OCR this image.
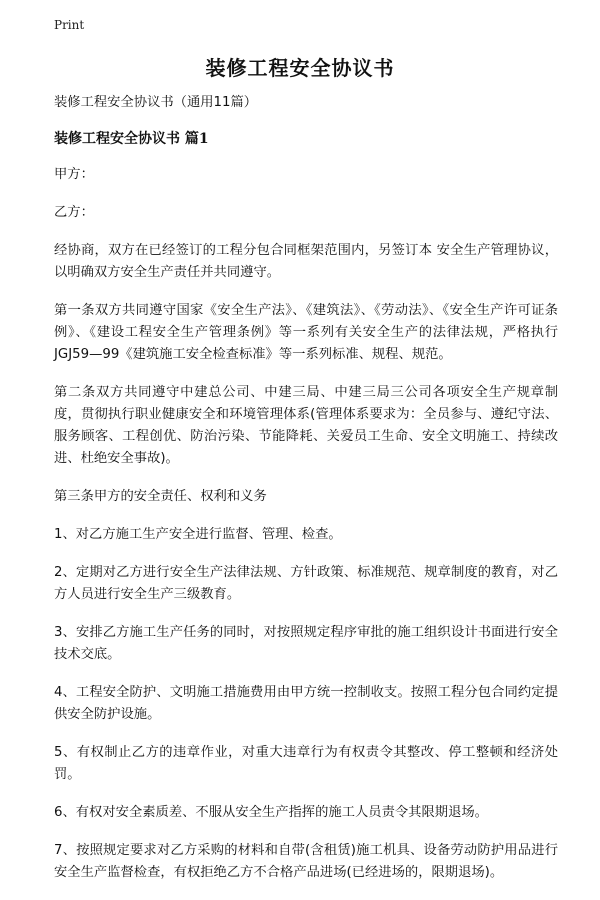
Print
装修工程安全协议书
装修工程安全协议书（通用11篇）
装修工程安全协议书 篇1
甲方：
乙方：
经协商，双方在已经签订的工程分包合同框架范围内，另签订本 安全生产管理协议，以明确双方安全生产责任并共同遵守。
第一条双方共同遵守国家《安全生产法》、《建筑法》、《劳动法》、《安全生产许可证条例》、《建设工程安全生产管理条例》等一系列有关安全生产的法律法规，严格执行JGJ59—99《建筑施工安全检查标准》等一系列标准、规程、规范。
第二条双方共同遵守中建总公司、中建三局、中建三局三公司各项安全生产规章制度，贯彻执行职业健康安全和环境管理体系(管理体系要求为：全员参与、遵纪守法、服务顾客、工程创优、防治污染、节能降耗、关爱员工生命、安全文明施工、持续改进、杜绝安全事故)。
第三条甲方的安全责任、权利和义务
1、对乙方施工生产安全进行监督、管理、检查。
2、定期对乙方进行安全生产法律法规、方针政策、标准规范、规章制度的教育，对乙方人员进行安全生产三级教育。
3、安排乙方施工生产任务的同时，对按照规定程序审批的施工组织设计书面进行安全技术交底。
4、工程安全防护、文明施工措施费用由甲方统一控制收支。按照工程分包合同约定提供安全防护设施。
5、有权制止乙方的违章作业，对重大违章行为有权责令其整改、停工整顿和经济处罚。
6、有权对安全素质差、不服从安全生产指挥的施工人员责令其限期退场。
7、按照规定要求对乙方采购的材料和自带(含租赁)施工机具、设备劳动防护用品进行安全生产监督检查，有权拒绝乙方不合格产品进场(已经进场的，限期退场)。
